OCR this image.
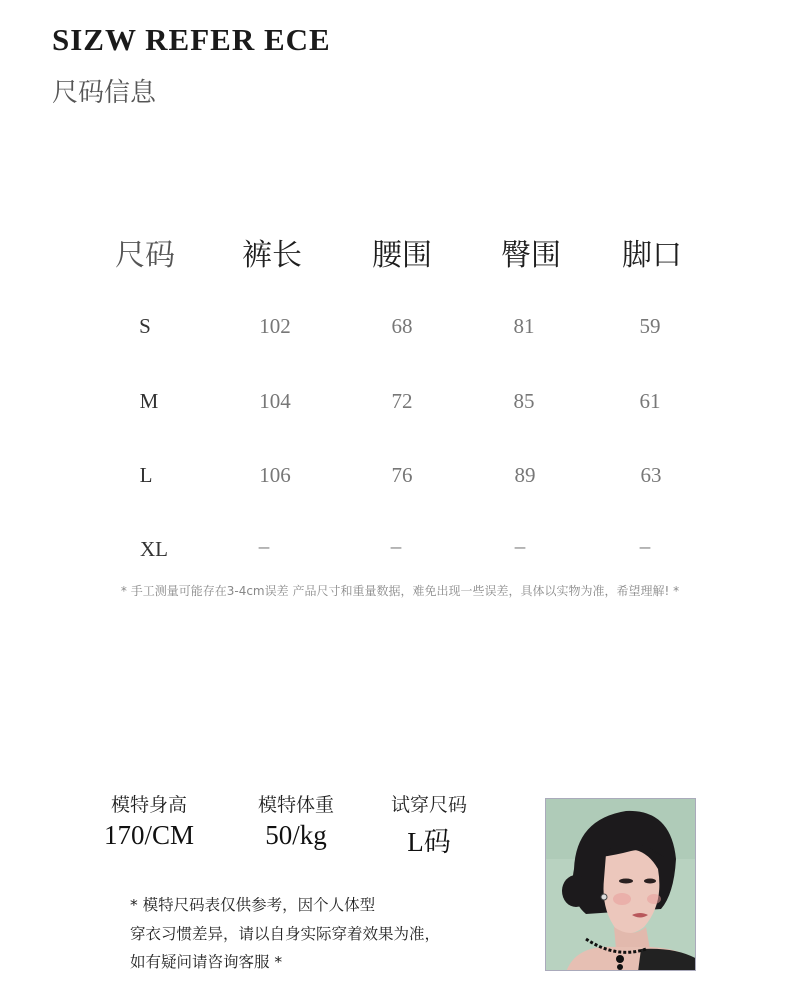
SIZW REFER ECE
尺码信息
尺码	裤长	腰围	臀围	脚口
S	102	68	81	59
M	104	72	85	61
L	106	76	89	63
XL	–	–	–	–
* 手工测量可能存在3-4cm误差 产品尺寸和重量数据，难免出现一些误差，具体以实物为准，希望理解! *
模特身高
170/CM
模特体重
50/kg
试穿尺码
L码
* 模特尺码表仅供参考，因个人体型
穿衣习惯差异，请以自身实际穿着效果为准，
如有疑问请咨询客服 *
